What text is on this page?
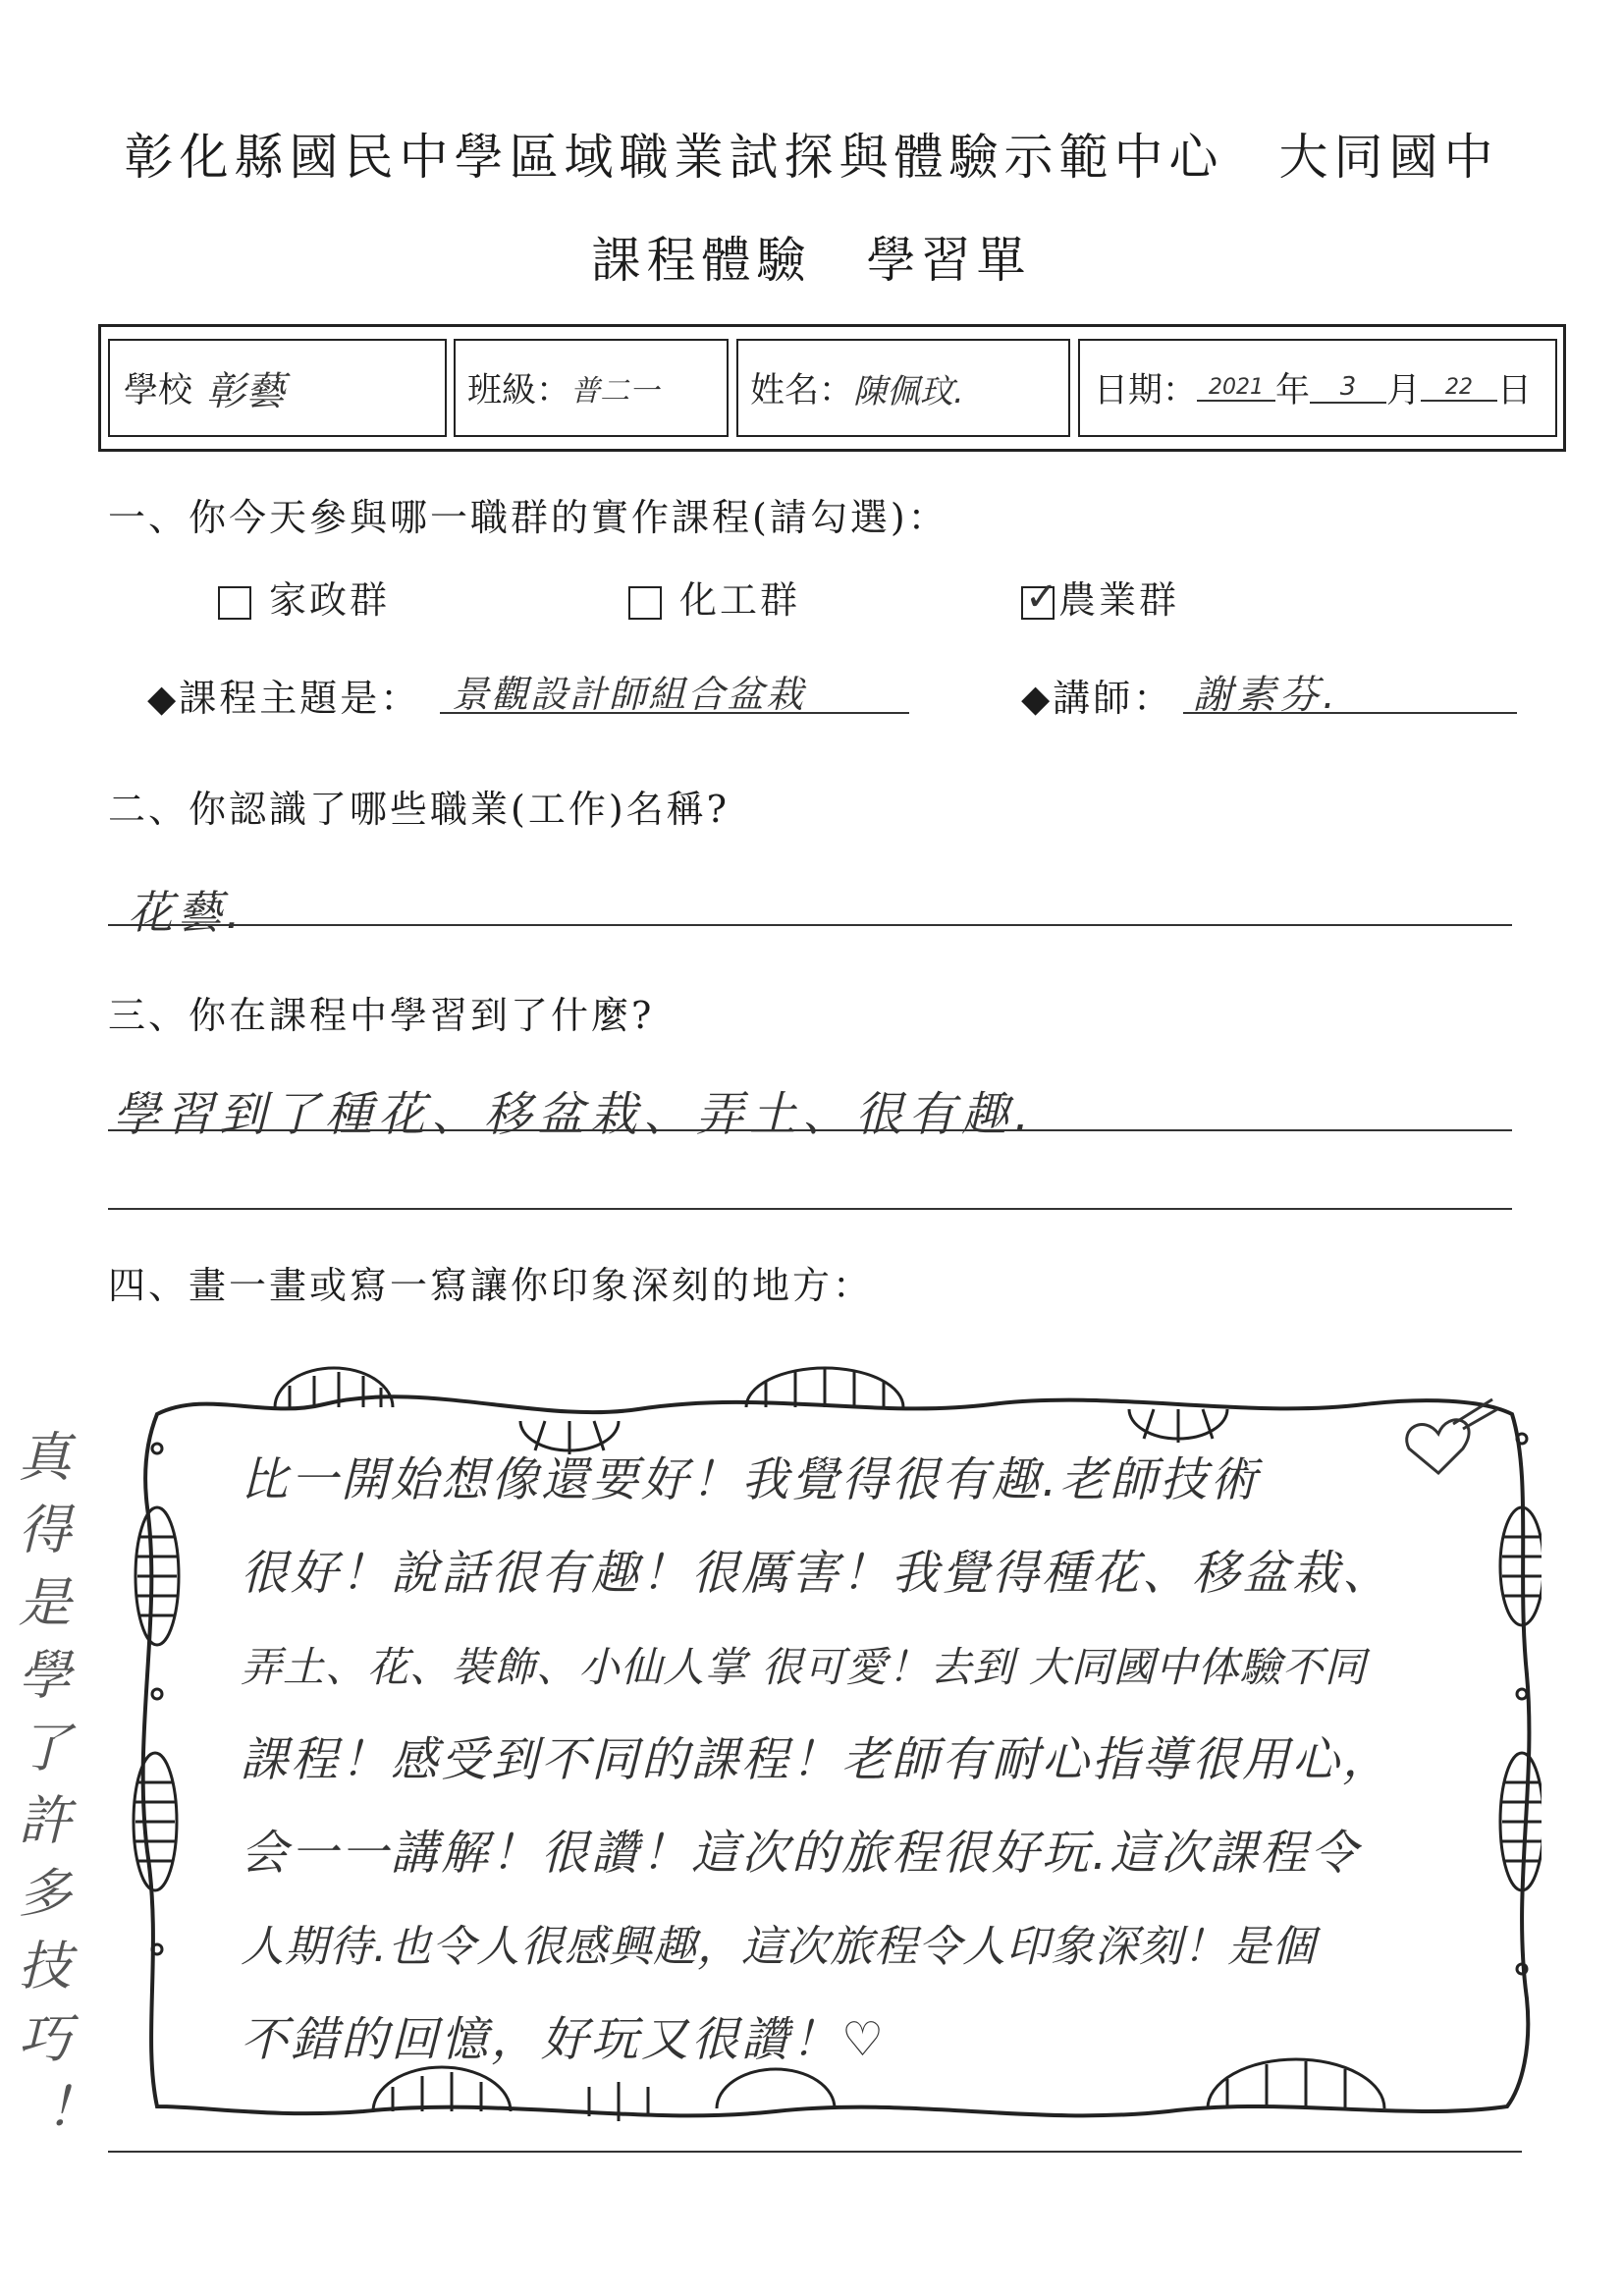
彰化縣國民中學區域職業試探與體驗示範中心　大同國中
課程體驗　學習單
學校 彰藝	班級： 普二一	姓名： 陳佩玟.	日期： 2021 年	3 月	22 日
一、你今天參與哪一職群的實作課程(請勾選)：
家政群	化工群	✓
農業群
◆課程主題是： 景觀設計師組合盆栽	◆講師： 謝素芬.
二、你認識了哪些職業(工作)名稱?
花藝.
三、你在課程中學習到了什麼?
學習到了種花、移盆栽、弄土、很有趣.
四、畫一畫或寫一寫讓你印象深刻的地方：
比一開始想像還要好！我覺得很有趣.老師技術
很好！說話很有趣！很厲害！我覺得種花、移盆栽、
弄土、花、裝飾、小仙人掌 很可愛！去到 大同國中体驗不同
課程！感受到不同的課程！老師有耐心指導很用心，
会一一講解！很讚！這次的旅程很好玩.這次課程令
人期待.也令人很感興趣，這次旅程令人印象深刻！是個
不錯的回憶，好玩又很讚！♡
真得是學了許多技巧！
